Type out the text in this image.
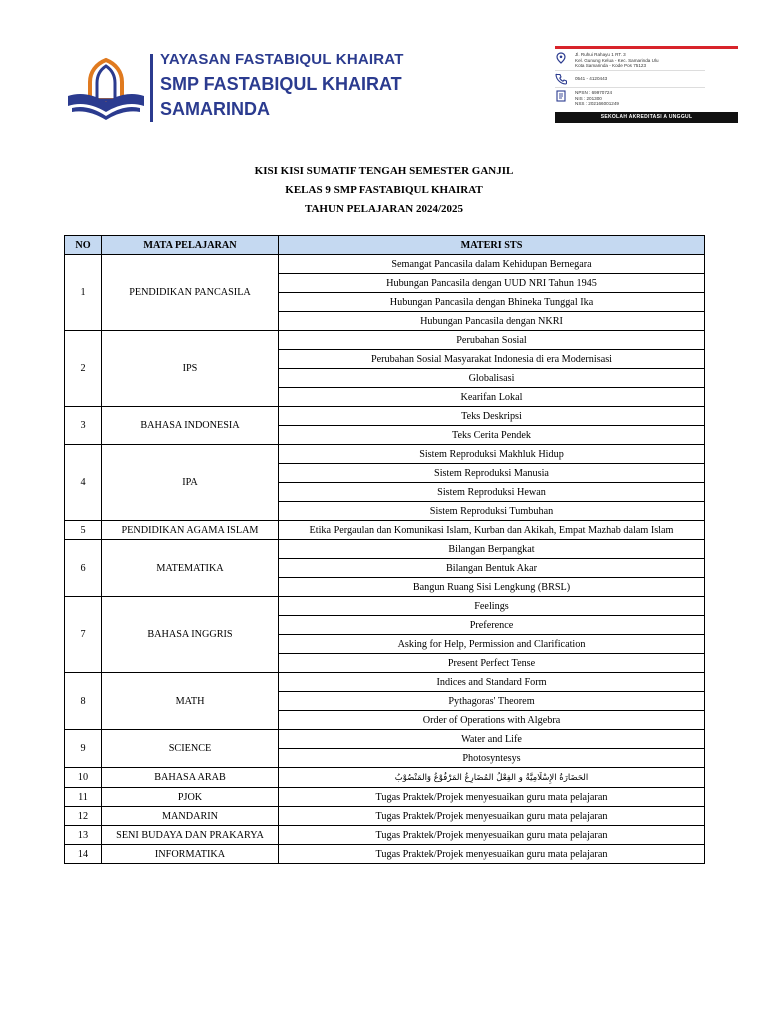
YAYASAN FASTABIQUL KHAIRAT
SMP FASTABIQUL KHAIRAT
SAMARINDA
Jl. Ruhui Rahayu 1 RT. 3
Kel. Gunung Kelua - Kec. Samarinda Ulu
Kota Samarinda - Kode Pos 75123
0541 - 4120443
NPSN : 69970724
NIS : 201300
NSS : 202166001249
SEKOLAH AKREDITASI A UNGGUL
KISI KISI SUMATIF TENGAH SEMESTER GANJIL
KELAS 9 SMP FASTABIQUL KHAIRAT
TAHUN PELAJARAN 2024/2025
NO	MATA PELAJARAN	MATERI STS
1	PENDIDIKAN PANCASILA	Semangat Pancasila dalam Kehidupan Bernegara
		Hubungan Pancasila dengan UUD NRI Tahun 1945
		Hubungan Pancasila dengan Bhineka Tunggal Ika
		Hubungan Pancasila dengan NKRI
2	IPS	Perubahan Sosial
		Perubahan Sosial Masyarakat Indonesia di era Modernisasi
		Globalisasi
		Kearifan Lokal
3	BAHASA INDONESIA	Teks Deskripsi
		Teks Cerita Pendek
4	IPA	Sistem Reproduksi Makhluk Hidup
		Sistem Reproduksi Manusia
		Sistem Reproduksi Hewan
		Sistem Reproduksi Tumbuhan
5	PENDIDIKAN AGAMA ISLAM	Etika Pergaulan dan Komunikasi Islam, Kurban dan Akikah, Empat Mazhab dalam Islam
6	MATEMATIKA	Bilangan Berpangkat
		Bilangan Bentuk Akar
		Bangun Ruang Sisi Lengkung (BRSL)
7	BAHASA INGGRIS	Feelings
		Preference
		Asking for Help, Permission and Clarification
		Present Perfect Tense
8	MATH	Indices and Standard Form
		Pythagoras' Theorem
		Order of Operations with Algebra
9	SCIENCE	Water and Life
		Photosyntesys
10	BAHASA ARAB	الحَضَارَةُ الإِسْلَامِيَّةُ و الفِعْلُ المُضَارِعُ المَرْفُوْعُ وَالمَنْصُوْبُ
11	PJOK	Tugas Praktek/Projek menyesuaikan guru mata pelajaran
12	MANDARIN	Tugas Praktek/Projek menyesuaikan guru mata pelajaran
13	SENI BUDAYA DAN PRAKARYA	Tugas Praktek/Projek menyesuaikan guru mata pelajaran
14	INFORMATIKA	Tugas Praktek/Projek menyesuaikan guru mata pelajaran
